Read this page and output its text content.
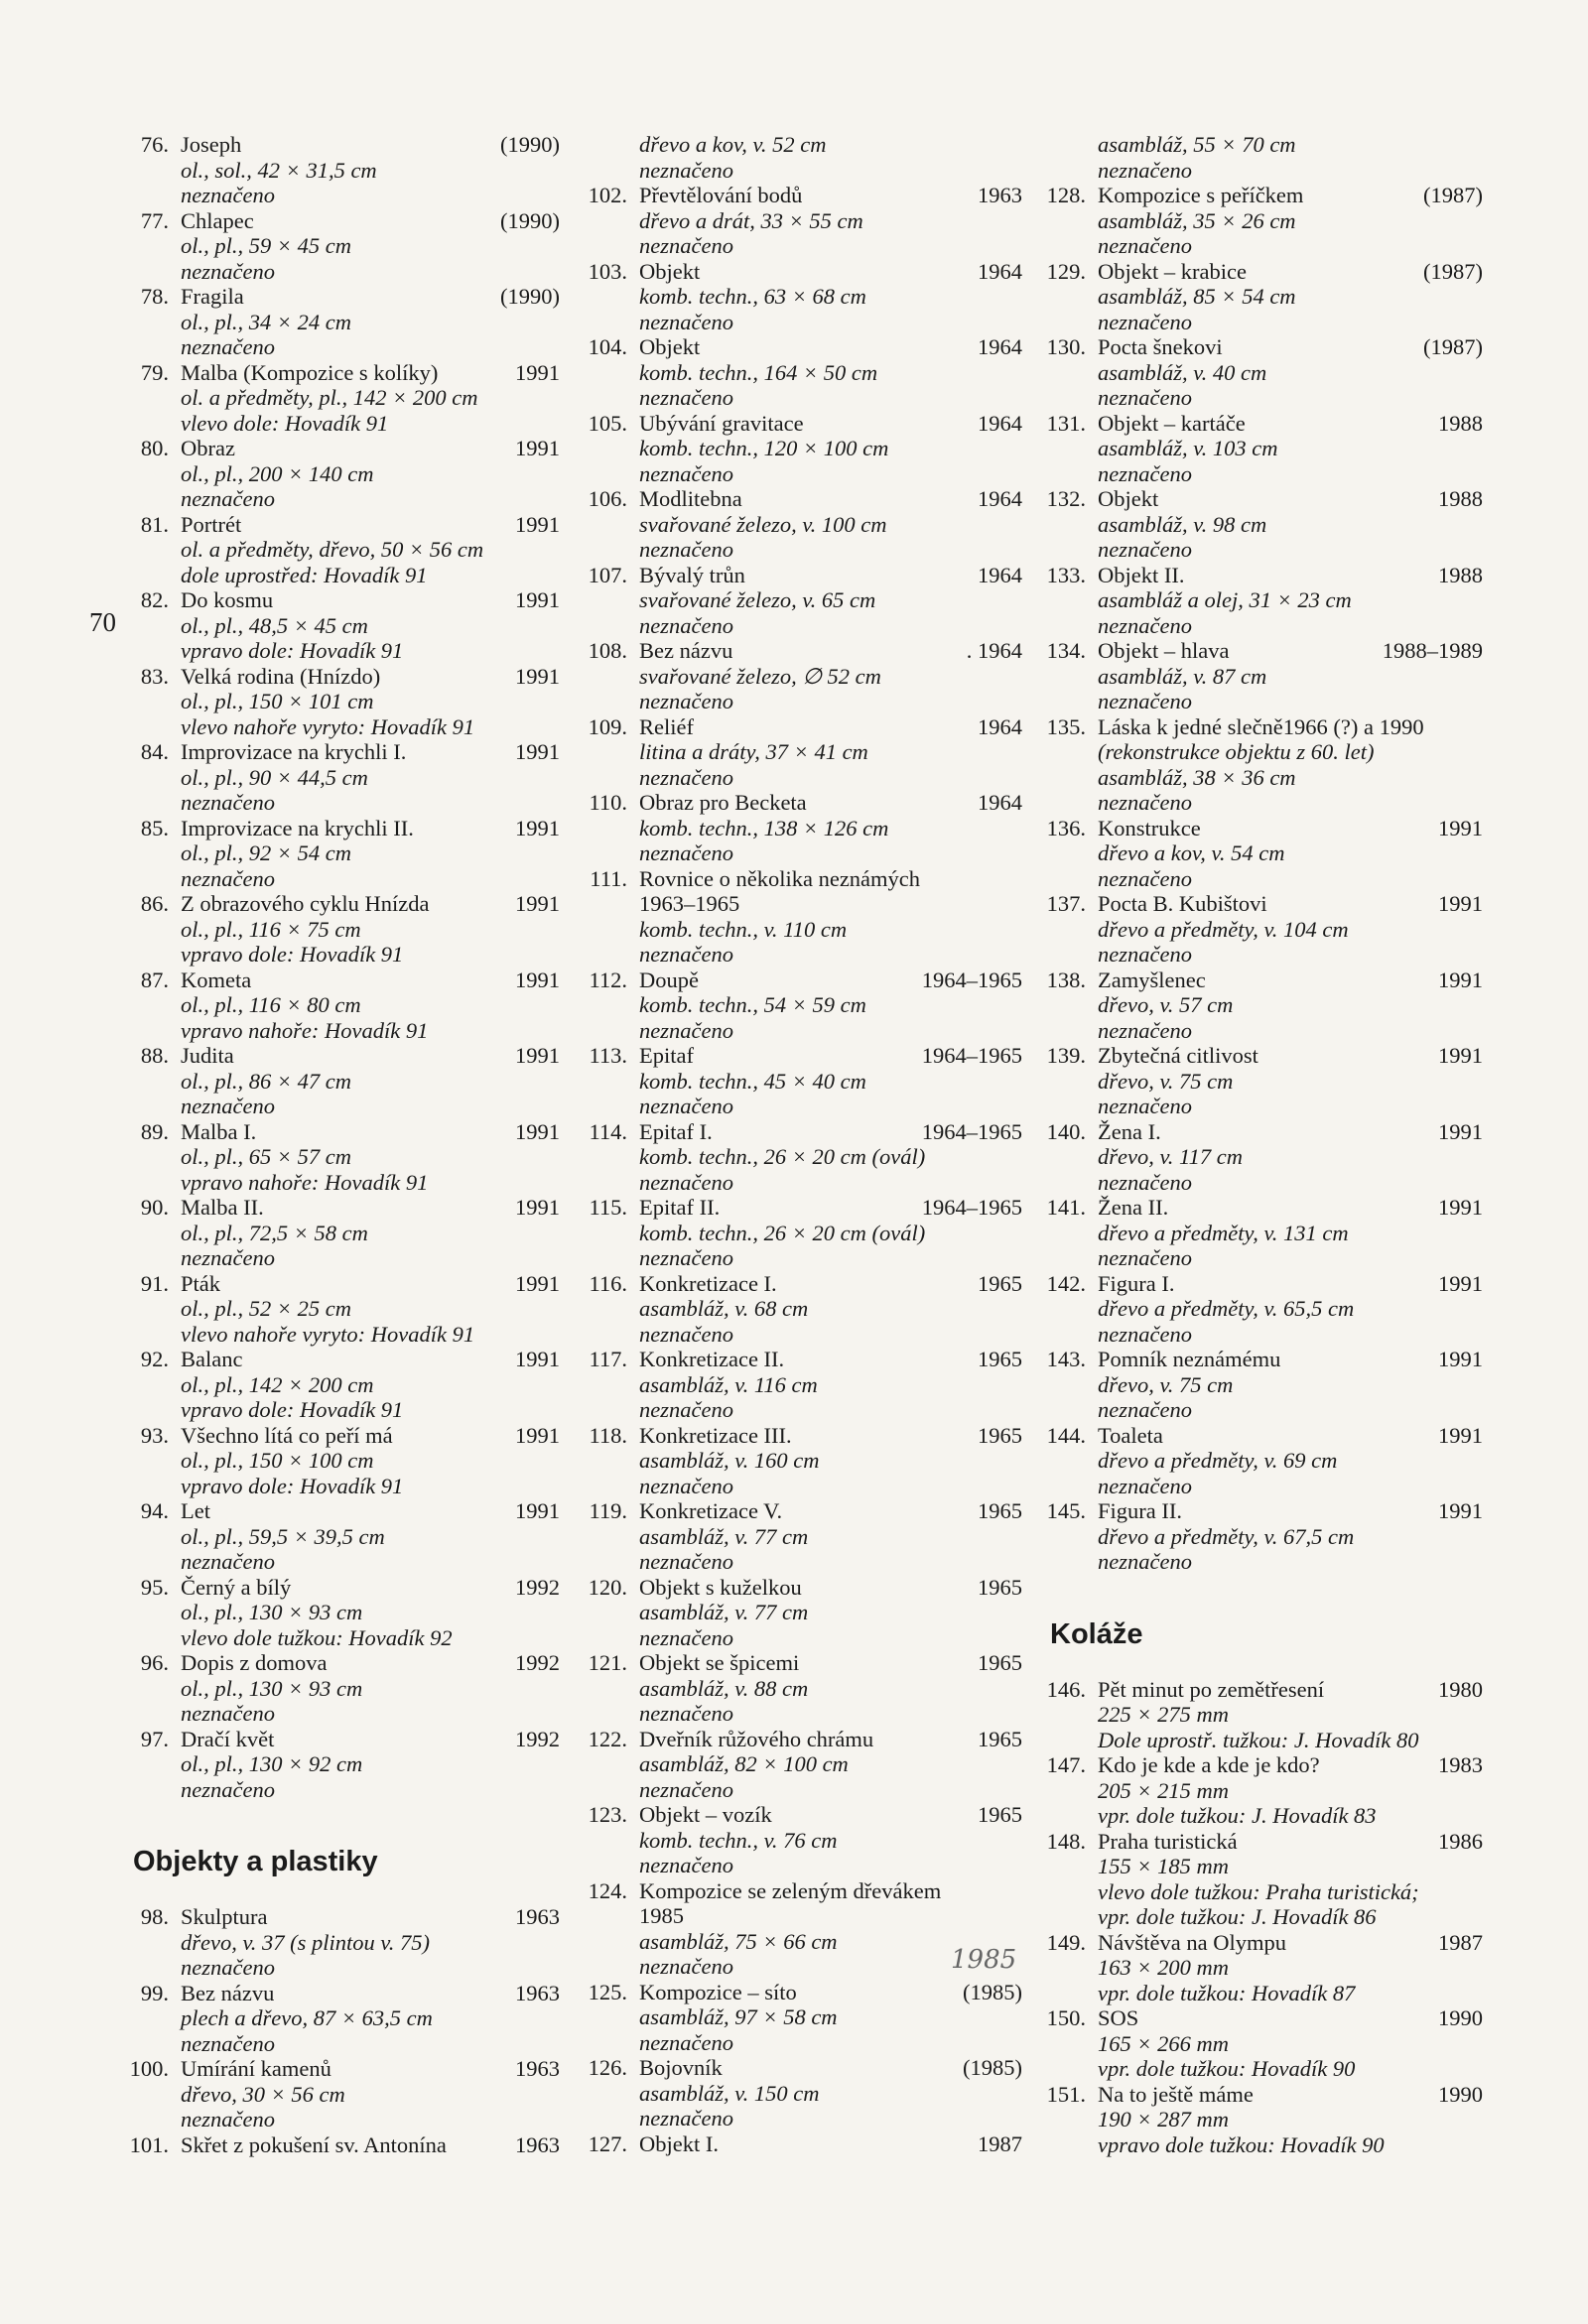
70
76. Joseph	(1990)
ol., sol., 42 × 31,5 cm
neznačeno
77. Chlapec	(1990)
ol., pl., 59 × 45 cm
neznačeno
78. Fragila	(1990)
ol., pl., 34 × 24 cm
neznačeno
79. Malba (Kompozice s kolíky)	1991
ol. a předměty, pl., 142 × 200 cm
vlevo dole: Hovadík 91
80. Obraz	1991
ol., pl., 200 × 140 cm
neznačeno
81. Portrét	1991
ol. a předměty, dřevo, 50 × 56 cm
dole uprostřed: Hovadík 91
82. Do kosmu	1991
ol., pl., 48,5 × 45 cm
vpravo dole: Hovadík 91
83. Velká rodina (Hnízdo)	1991
ol., pl., 150 × 101 cm
vlevo nahoře vyryto: Hovadík 91
84. Improvizace na krychli I.	1991
ol., pl., 90 × 44,5 cm
neznačeno
85. Improvizace na krychli II.	1991
ol., pl., 92 × 54 cm
neznačeno
86. Z obrazového cyklu Hnízda	1991
ol., pl., 116 × 75 cm
vpravo dole: Hovadík 91
87. Kometa	1991
ol., pl., 116 × 80 cm
vpravo nahoře: Hovadík 91
88. Judita	1991
ol., pl., 86 × 47 cm
neznačeno
89. Malba I.	1991
ol., pl., 65 × 57 cm
vpravo nahoře: Hovadík 91
90. Malba II.	1991
ol., pl., 72,5 × 58 cm
neznačeno
91. Pták	1991
ol., pl., 52 × 25 cm
vlevo nahoře vyryto: Hovadík 91
92. Balanc	1991
ol., pl., 142 × 200 cm
vpravo dole: Hovadík 91
93. Všechno lítá co peří má	1991
ol., pl., 150 × 100 cm
vpravo dole: Hovadík 91
94. Let	1991
ol., pl., 59,5 × 39,5 cm
neznačeno
95. Černý a bílý	1992
ol., pl., 130 × 93 cm
vlevo dole tužkou: Hovadík 92
96. Dopis z domova	1992
ol., pl., 130 × 93 cm
neznačeno
97. Dračí květ	1992
ol., pl., 130 × 92 cm
neznačeno
Objekty a plastiky
98. Skulptura	1963
dřevo, v. 37 (s plintou v. 75)
neznačeno
99. Bez názvu	1963
plech a dřevo, 87 × 63,5 cm
neznačeno
100. Umírání kamenů	1963
dřevo, 30 × 56 cm
neznačeno
101. Skřet z pokušení sv. Antonína	1963
dřevo a kov, v. 52 cm
neznačeno
102. Převtělování bodů	1963
dřevo a drát, 33 × 55 cm
neznačeno
103. Objekt	1964
komb. techn., 63 × 68 cm
neznačeno
104. Objekt	1964
komb. techn., 164 × 50 cm
neznačeno
105. Ubývání gravitace	1964
komb. techn., 120 × 100 cm
neznačeno
106. Modlitebna	1964
svařované železo, v. 100 cm
neznačeno
107. Bývalý trůn	1964
svařované železo, v. 65 cm
neznačeno
108. Bez názvu	. 1964
svařované železo, ∅ 52 cm
neznačeno
109. Reliéf	1964
litina a dráty, 37 × 41 cm
neznačeno
110. Obraz pro Becketa	1964
komb. techn., 138 × 126 cm
neznačeno
111. Rovnice o několika neznámých
1963–1965
komb. techn., v. 110 cm
neznačeno
112. Doupě	1964–1965
komb. techn., 54 × 59 cm
neznačeno
113. Epitaf	1964–1965
komb. techn., 45 × 40 cm
neznačeno
114. Epitaf I.	1964–1965
komb. techn., 26 × 20 cm (ovál)
neznačeno
115. Epitaf II.	1964–1965
komb. techn., 26 × 20 cm (ovál)
neznačeno
116. Konkretizace I.	1965
asambláž, v. 68 cm
neznačeno
117. Konkretizace II.	1965
asambláž, v. 116 cm
neznačeno
118. Konkretizace III.	1965
asambláž, v. 160 cm
neznačeno
119. Konkretizace V.	1965
asambláž, v. 77 cm
neznačeno
120. Objekt s kuželkou	1965
asambláž, v. 77 cm
neznačeno
121. Objekt se špicemi	1965
asambláž, v. 88 cm
neznačeno
122. Dveřník růžového chrámu	1965
asambláž, 82 × 100 cm
neznačeno
123. Objekt – vozík	1965
komb. techn., v. 76 cm
neznačeno
124. Kompozice se zeleným dřevákem
1985
asambláž, 75 × 66 cm
neznačeno
125. Kompozice – síto	(1985)
asambláž, 97 × 58 cm
neznačeno
126. Bojovník	(1985)
asambláž, v. 150 cm
neznačeno
127. Objekt I.	1987
asambláž, 55 × 70 cm
neznačeno
128. Kompozice s peříčkem	(1987)
asambláž, 35 × 26 cm
neznačeno
129. Objekt – krabice	(1987)
asambláž, 85 × 54 cm
neznačeno
130. Pocta šnekovi	(1987)
asambláž, v. 40 cm
neznačeno
131. Objekt – kartáče	1988
asambláž, v. 103 cm
neznačeno
132. Objekt	1988
asambláž, v. 98 cm
neznačeno
133. Objekt II.	1988
asambláž a olej, 31 × 23 cm
neznačeno
134. Objekt – hlava	1988–1989
asambláž, v. 87 cm
neznačeno
135. Láska k jedné slečně1966 (?) a 1990
(rekonstrukce objektu z 60. let)
asambláž, 38 × 36 cm
neznačeno
136. Konstrukce	1991
dřevo a kov, v. 54 cm
neznačeno
137. Pocta B. Kubištovi	1991
dřevo a předměty, v. 104 cm
neznačeno
138. Zamyšlenec	1991
dřevo, v. 57 cm
neznačeno
139. Zbytečná citlivost	1991
dřevo, v. 75 cm
neznačeno
140. Žena I.	1991
dřevo, v. 117 cm
neznačeno
141. Žena II.	1991
dřevo a předměty, v. 131 cm
neznačeno
142. Figura I.	1991
dřevo a předměty, v. 65,5 cm
neznačeno
143. Pomník neznámému	1991
dřevo, v. 75 cm
neznačeno
144. Toaleta	1991
dřevo a předměty, v. 69 cm
neznačeno
145. Figura II.	1991
dřevo a předměty, v. 67,5 cm
neznačeno
Koláže
146. Pět minut po zemětřesení	1980
225 × 275 mm
Dole uprostř. tužkou: J. Hovadík 80
147. Kdo je kde a kde je kdo?	1983
205 × 215 mm
vpr. dole tužkou: J. Hovadík 83
148. Praha turistická	1986
155 × 185 mm
vlevo dole tužkou: Praha turistická;
vpr. dole tužkou: J. Hovadík 86
149. Návštěva na Olympu	1987
163 × 200 mm
vpr. dole tužkou: Hovadík 87
150. SOS	1990
165 × 266 mm
vpr. dole tužkou: Hovadík 90
151. Na to ještě máme	1990
190 × 287 mm
vpravo dole tužkou: Hovadík 90
1985
